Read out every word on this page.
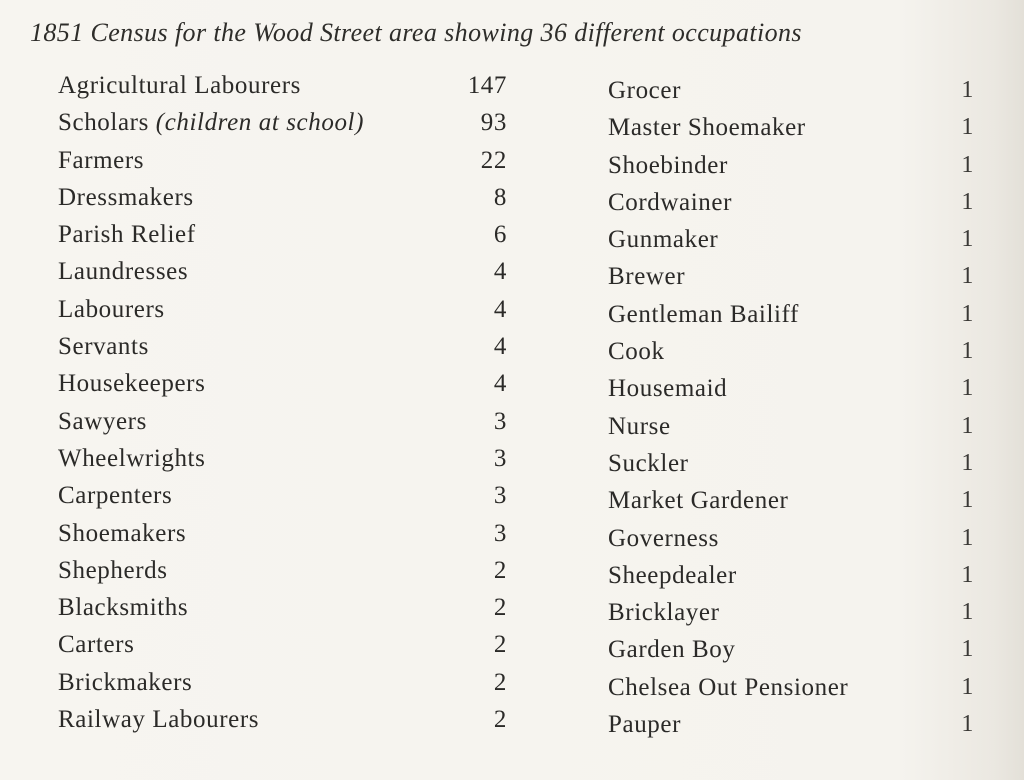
1851 Census for the Wood Street area showing 36 different occupations
Agricultural Labourers	147
Scholars (children at school)	93
Farmers	22
Dressmakers	8
Parish Relief	6
Laundresses	4
Labourers	4
Servants	4
Housekeepers	4
Sawyers	3
Wheelwrights	3
Carpenters	3
Shoemakers	3
Shepherds	2
Blacksmiths	2
Carters	2
Brickmakers	2
Railway Labourers	2
Grocer	1
Master Shoemaker	1
Shoebinder	1
Cordwainer	1
Gunmaker	1
Brewer	1
Gentleman Bailiff	1
Cook	1
Housemaid	1
Nurse	1
Suckler	1
Market Gardener	1
Governess	1
Sheepdealer	1
Bricklayer	1
Garden Boy	1
Chelsea Out Pensioner	1
Pauper	1
